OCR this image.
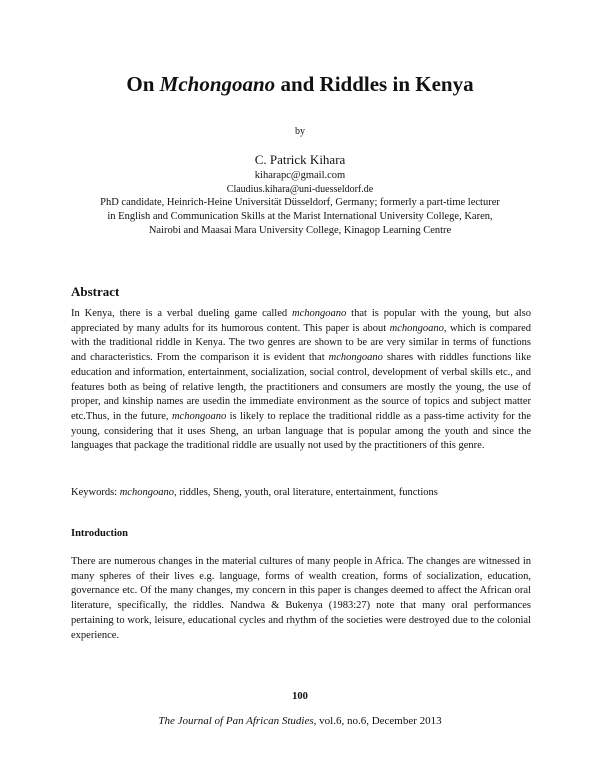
On Mchongoano and Riddles in Kenya
by
C. Patrick Kihara
kiharapc@gmail.com
Claudius.kihara@uni-duesseldorf.de
PhD candidate, Heinrich-Heine Universität Düsseldorf, Germany; formerly a part-time lecturer
in English and Communication Skills at the Marist International University College, Karen,
Nairobi and Maasai Mara University College, Kinagop Learning Centre
Abstract

In Kenya, there is a verbal dueling game called mchongoano that is popular with the young, but also appreciated by many adults for its humorous content. This paper is about mchongoano, which is compared with the traditional riddle in Kenya. The two genres are shown to be are very similar in terms of functions and characteristics. From the comparison it is evident that mchongoano shares with riddles functions like education and information, entertainment, socialization, social control, development of verbal skills etc., and features both as being of relative length, the practitioners and consumers are mostly the young, the use of proper, and kinship names are usedin the immediate environment as the source of topics and subject matter etc.Thus, in the future, mchongoano is likely to replace the traditional riddle as a pass-time activity for the young, considering that it uses Sheng, an urban language that is popular among the youth and since the languages that package the traditional riddle are usually not used by the practitioners of this genre.

Keywords: mchongoano, riddles, Sheng, youth, oral literature, entertainment, functions
Introduction

There are numerous changes in the material cultures of many people in Africa. The changes are witnessed in many spheres of their lives e.g. language, forms of wealth creation, forms of socialization, education, governance etc. Of the many changes, my concern in this paper is changes deemed to affect the African oral literature, specifically, the riddles. Nandwa & Bukenya (1983:27) note that many oral performances pertaining to work, leisure, educational cycles and rhythm of the societies were destroyed due to the colonial experience.

100
The Journal of Pan African Studies, vol.6, no.6, December 2013
